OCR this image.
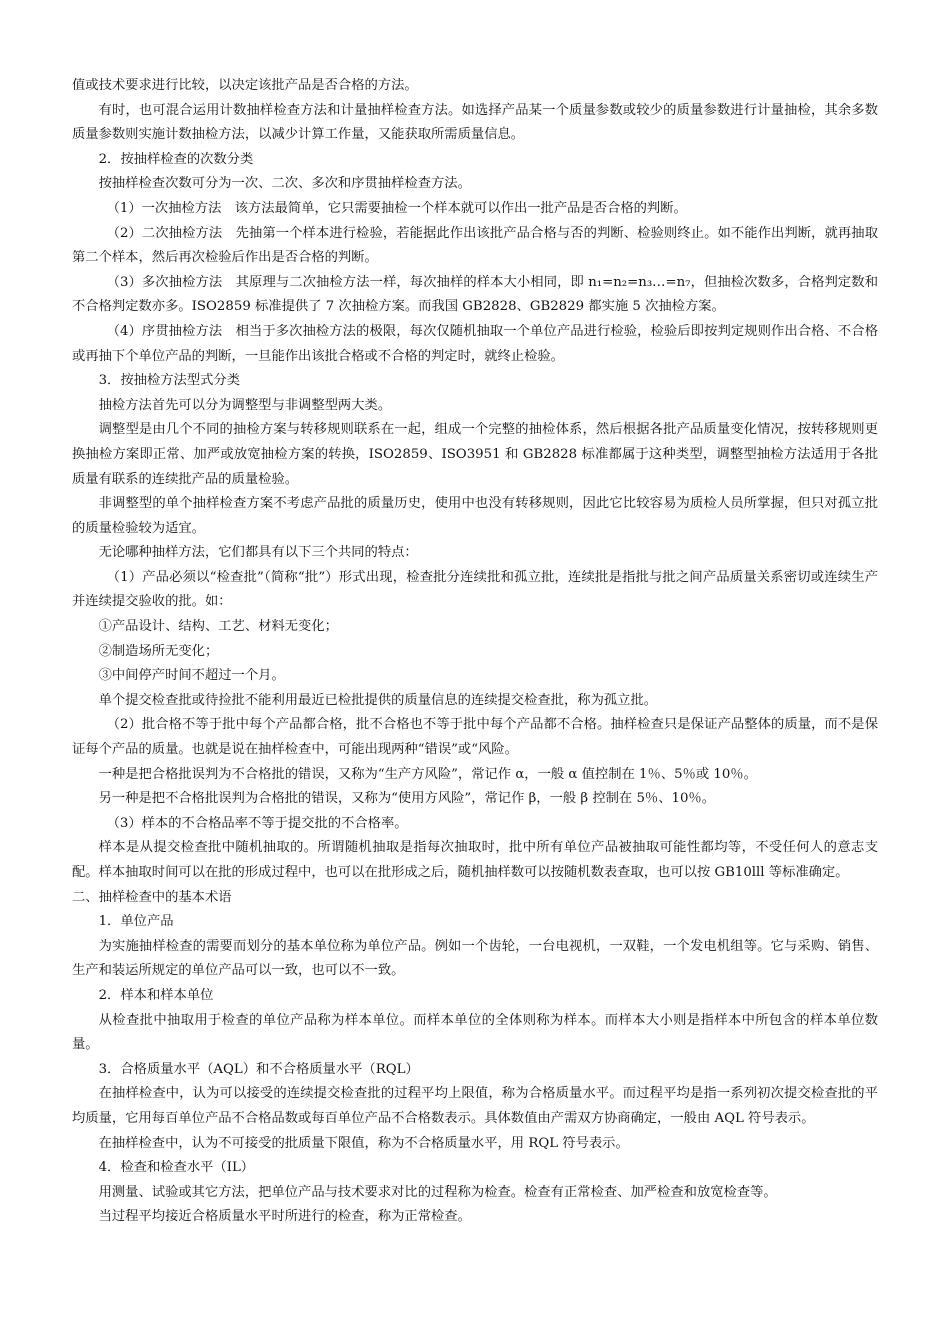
值或技术要求进行比较，以决定该批产品是否合格的方法。

有时，也可混合运用计数抽样检查方法和计量抽样检查方法。如选择产品某一个质量参数或较少的质量参数进行计量抽检，其余多数质量参数则实施计数抽检方法，以减少计算工作量，又能获取所需质量信息。

2．按抽样检查的次数分类

按抽样检查次数可分为一次、二次、多次和序贯抽样检查方法。

（1）一次抽检方法　该方法最简单，它只需要抽检一个样本就可以作出一批产品是否合格的判断。

（2）二次抽检方法　先抽第一个样本进行检验，若能据此作出该批产品合格与否的判断、检验则终止。如不能作出判断，就再抽取第二个样本，然后再次检验后作出是否合格的判断。

（3）多次抽检方法　其原理与二次抽检方法一样，每次抽样的样本大小相同，即 n₁=n₂=n₃…=n₇，但抽检次数多，合格判定数和不合格判定数亦多。ISO2859 标准提供了 7 次抽检方案。而我国 GB2828、GB2829 都实施 5 次抽检方案。

（4）序贯抽检方法　相当于多次抽检方法的极限，每次仅随机抽取一个单位产品进行检验，检验后即按判定规则作出合格、不合格或再抽下个单位产品的判断，一旦能作出该批合格或不合格的判定时，就终止检验。

3．按抽检方法型式分类

抽检方法首先可以分为调整型与非调整型两大类。

调整型是由几个不同的抽检方案与转移规则联系在一起，组成一个完整的抽检体系，然后根据各批产品质量变化情况，按转移规则更换抽检方案即正常、加严或放宽抽检方案的转换，ISO2859、ISO3951 和 GB2828 标准都属于这种类型，调整型抽检方法适用于各批质量有联系的连续批产品的质量检验。

非调整型的单个抽样检查方案不考虑产品批的质量历史，使用中也没有转移规则，因此它比较容易为质检人员所掌握，但只对孤立批的质量检验较为适宜。

无论哪种抽样方法，它们都具有以下三个共同的特点：

（1）产品必须以“检查批”（简称“批”）形式出现，检查批分连续批和孤立批，连续批是指批与批之间产品质量关系密切或连续生产并连续提交验收的批。如：

①产品设计、结构、工艺、材料无变化；

②制造场所无变化；

③中间停产时间不超过一个月。

单个提交检查批或待捡批不能利用最近已检批提供的质量信息的连续提交检查批，称为孤立批。

（2）批合格不等于批中每个产品都合格，批不合格也不等于批中每个产品都不合格。抽样检查只是保证产品整体的质量，而不是保证每个产品的质量。也就是说在抽样检查中，可能出现两种“错误”或“风险。

一种是把合格批误判为不合格批的错误，又称为“生产方风险”，常记作 α，一般 α 值控制在 1％、5％或 10％。

另一种是把不合格批误判为合格批的错误，又称为“使用方风险”，常记作 β，一般 β 控制在 5％、10％。

（3）样本的不合格品率不等于提交批的不合格率。

样本是从提交检查批中随机抽取的。所谓随机抽取是指每次抽取时，批中所有单位产品被抽取可能性都均等，不受任何人的意志支配。样本抽取时间可以在批的形成过程中，也可以在批形成之后，随机抽样数可以按随机数表查取，也可以按 GB10lll 等标准确定。

二、抽样检查中的基本术语

1．单位产品

为实施抽样检查的需要而划分的基本单位称为单位产品。例如一个齿轮，一台电视机，一双鞋，一个发电机组等。它与采购、销售、生产和装运所规定的单位产品可以一致，也可以不一致。

2．样本和样本单位

从检查批中抽取用于检查的单位产品称为样本单位。而样本单位的全体则称为样本。而样本大小则是指样本中所包含的样本单位数量。

3．合格质量水平（AQL）和不合格质量水平（RQL）

在抽样检查中，认为可以接受的连续提交检查批的过程平均上限值，称为合格质量水平。而过程平均是指一系列初次提交检查批的平均质量，它用每百单位产品不合格品数或每百单位产品不合格数表示。具体数值由产需双方协商确定，一般由 AQL 符号表示。

在抽样检查中，认为不可接受的批质量下限值，称为不合格质量水平，用 RQL 符号表示。

4．检查和检查水平（IL）

用测量、试验或其它方法，把单位产品与技术要求对比的过程称为检查。检查有正常检查、加严检查和放宽检查等。

当过程平均接近合格质量水平时所进行的检查，称为正常检查。
